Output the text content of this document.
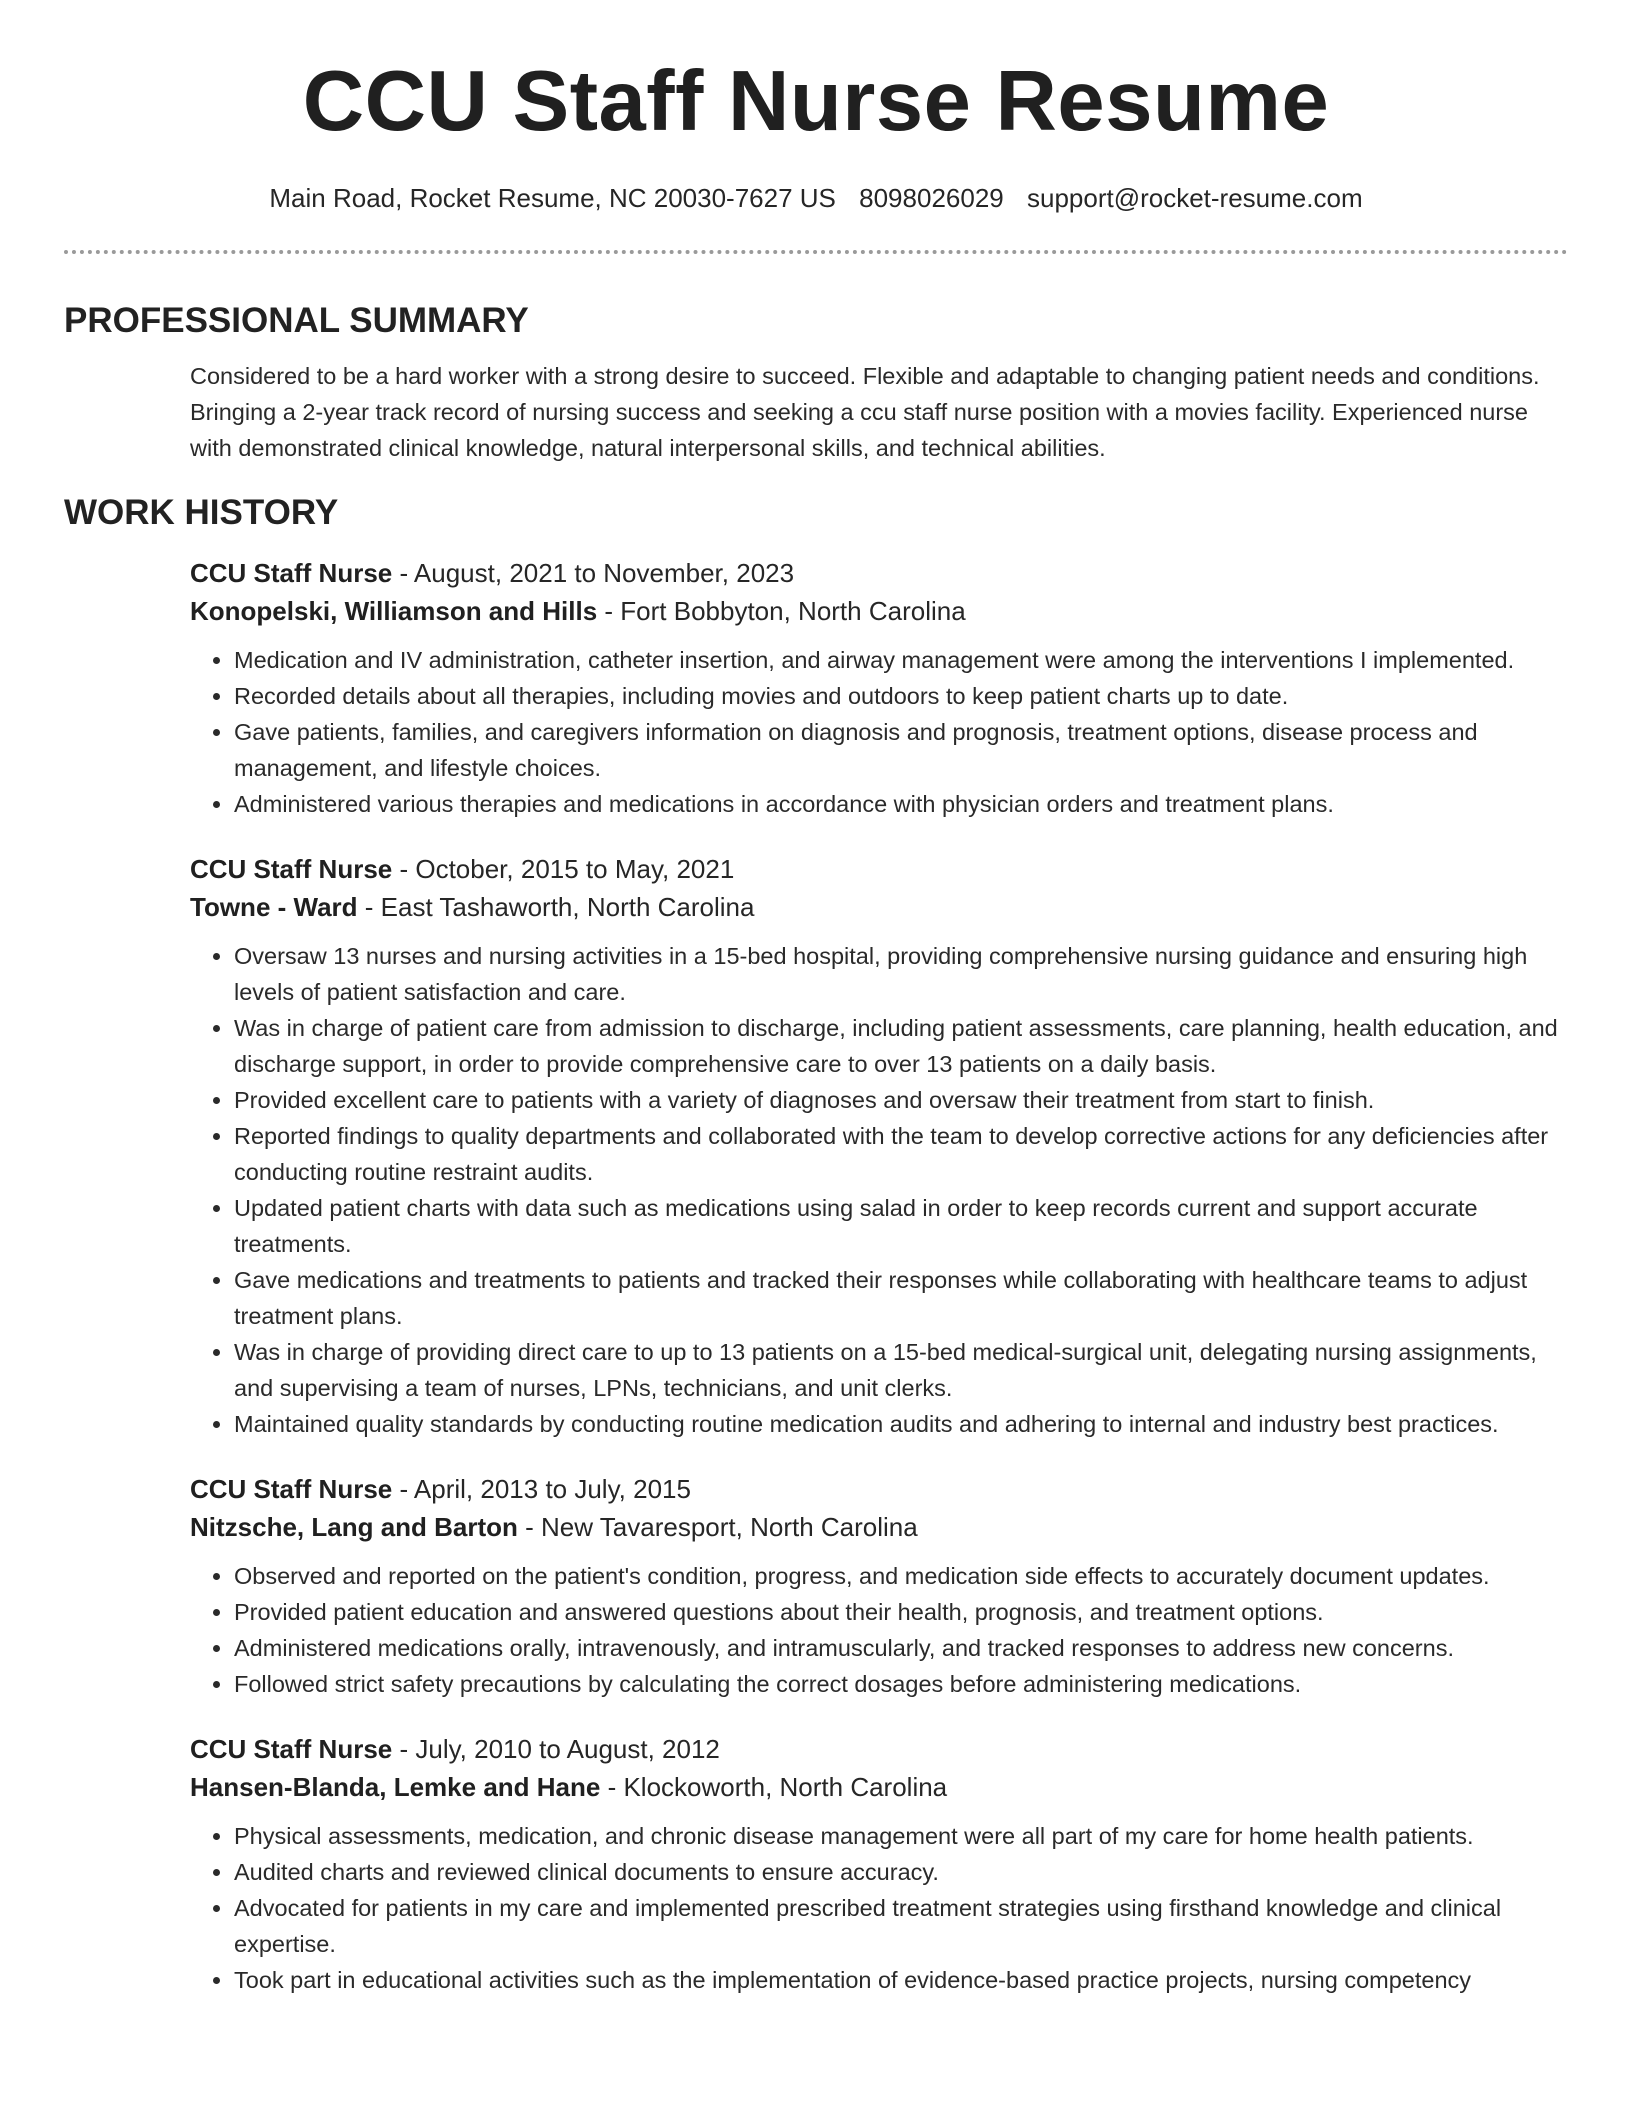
CCU Staff Nurse Resume
Main Road, Rocket Resume, NC 20030-7627 US 8098026029 support@rocket-resume.com
PROFESSIONAL SUMMARY
Considered to be a hard worker with a strong desire to succeed. Flexible and adaptable to changing patient needs and conditions. Bringing a 2-year track record of nursing success and seeking a ccu staff nurse position with a movies facility. Experienced nurse with demonstrated clinical knowledge, natural interpersonal skills, and technical abilities.
WORK HISTORY
CCU Staff Nurse - August, 2021 to November, 2023
Konopelski, Williamson and Hills - Fort Bobbyton, North Carolina
• Medication and IV administration, catheter insertion, and airway management were among the interventions I implemented.
• Recorded details about all therapies, including movies and outdoors to keep patient charts up to date.
• Gave patients, families, and caregivers information on diagnosis and prognosis, treatment options, disease process and management, and lifestyle choices.
• Administered various therapies and medications in accordance with physician orders and treatment plans.
CCU Staff Nurse - October, 2015 to May, 2021
Towne - Ward - East Tashaworth, North Carolina
• Oversaw 13 nurses and nursing activities in a 15-bed hospital, providing comprehensive nursing guidance and ensuring high levels of patient satisfaction and care.
• Was in charge of patient care from admission to discharge, including patient assessments, care planning, health education, and discharge support, in order to provide comprehensive care to over 13 patients on a daily basis.
• Provided excellent care to patients with a variety of diagnoses and oversaw their treatment from start to finish.
• Reported findings to quality departments and collaborated with the team to develop corrective actions for any deficiencies after conducting routine restraint audits.
• Updated patient charts with data such as medications using salad in order to keep records current and support accurate treatments.
• Gave medications and treatments to patients and tracked their responses while collaborating with healthcare teams to adjust treatment plans.
• Was in charge of providing direct care to up to 13 patients on a 15-bed medical-surgical unit, delegating nursing assignments, and supervising a team of nurses, LPNs, technicians, and unit clerks.
• Maintained quality standards by conducting routine medication audits and adhering to internal and industry best practices.
CCU Staff Nurse - April, 2013 to July, 2015
Nitzsche, Lang and Barton - New Tavaresport, North Carolina
• Observed and reported on the patient's condition, progress, and medication side effects to accurately document updates.
• Provided patient education and answered questions about their health, prognosis, and treatment options.
• Administered medications orally, intravenously, and intramuscularly, and tracked responses to address new concerns.
• Followed strict safety precautions by calculating the correct dosages before administering medications.
CCU Staff Nurse - July, 2010 to August, 2012
Hansen-Blanda, Lemke and Hane - Klockoworth, North Carolina
• Physical assessments, medication, and chronic disease management were all part of my care for home health patients.
• Audited charts and reviewed clinical documents to ensure accuracy.
• Advocated for patients in my care and implemented prescribed treatment strategies using firsthand knowledge and clinical expertise.
• Took part in educational activities such as the implementation of evidence-based practice projects, nursing competency
